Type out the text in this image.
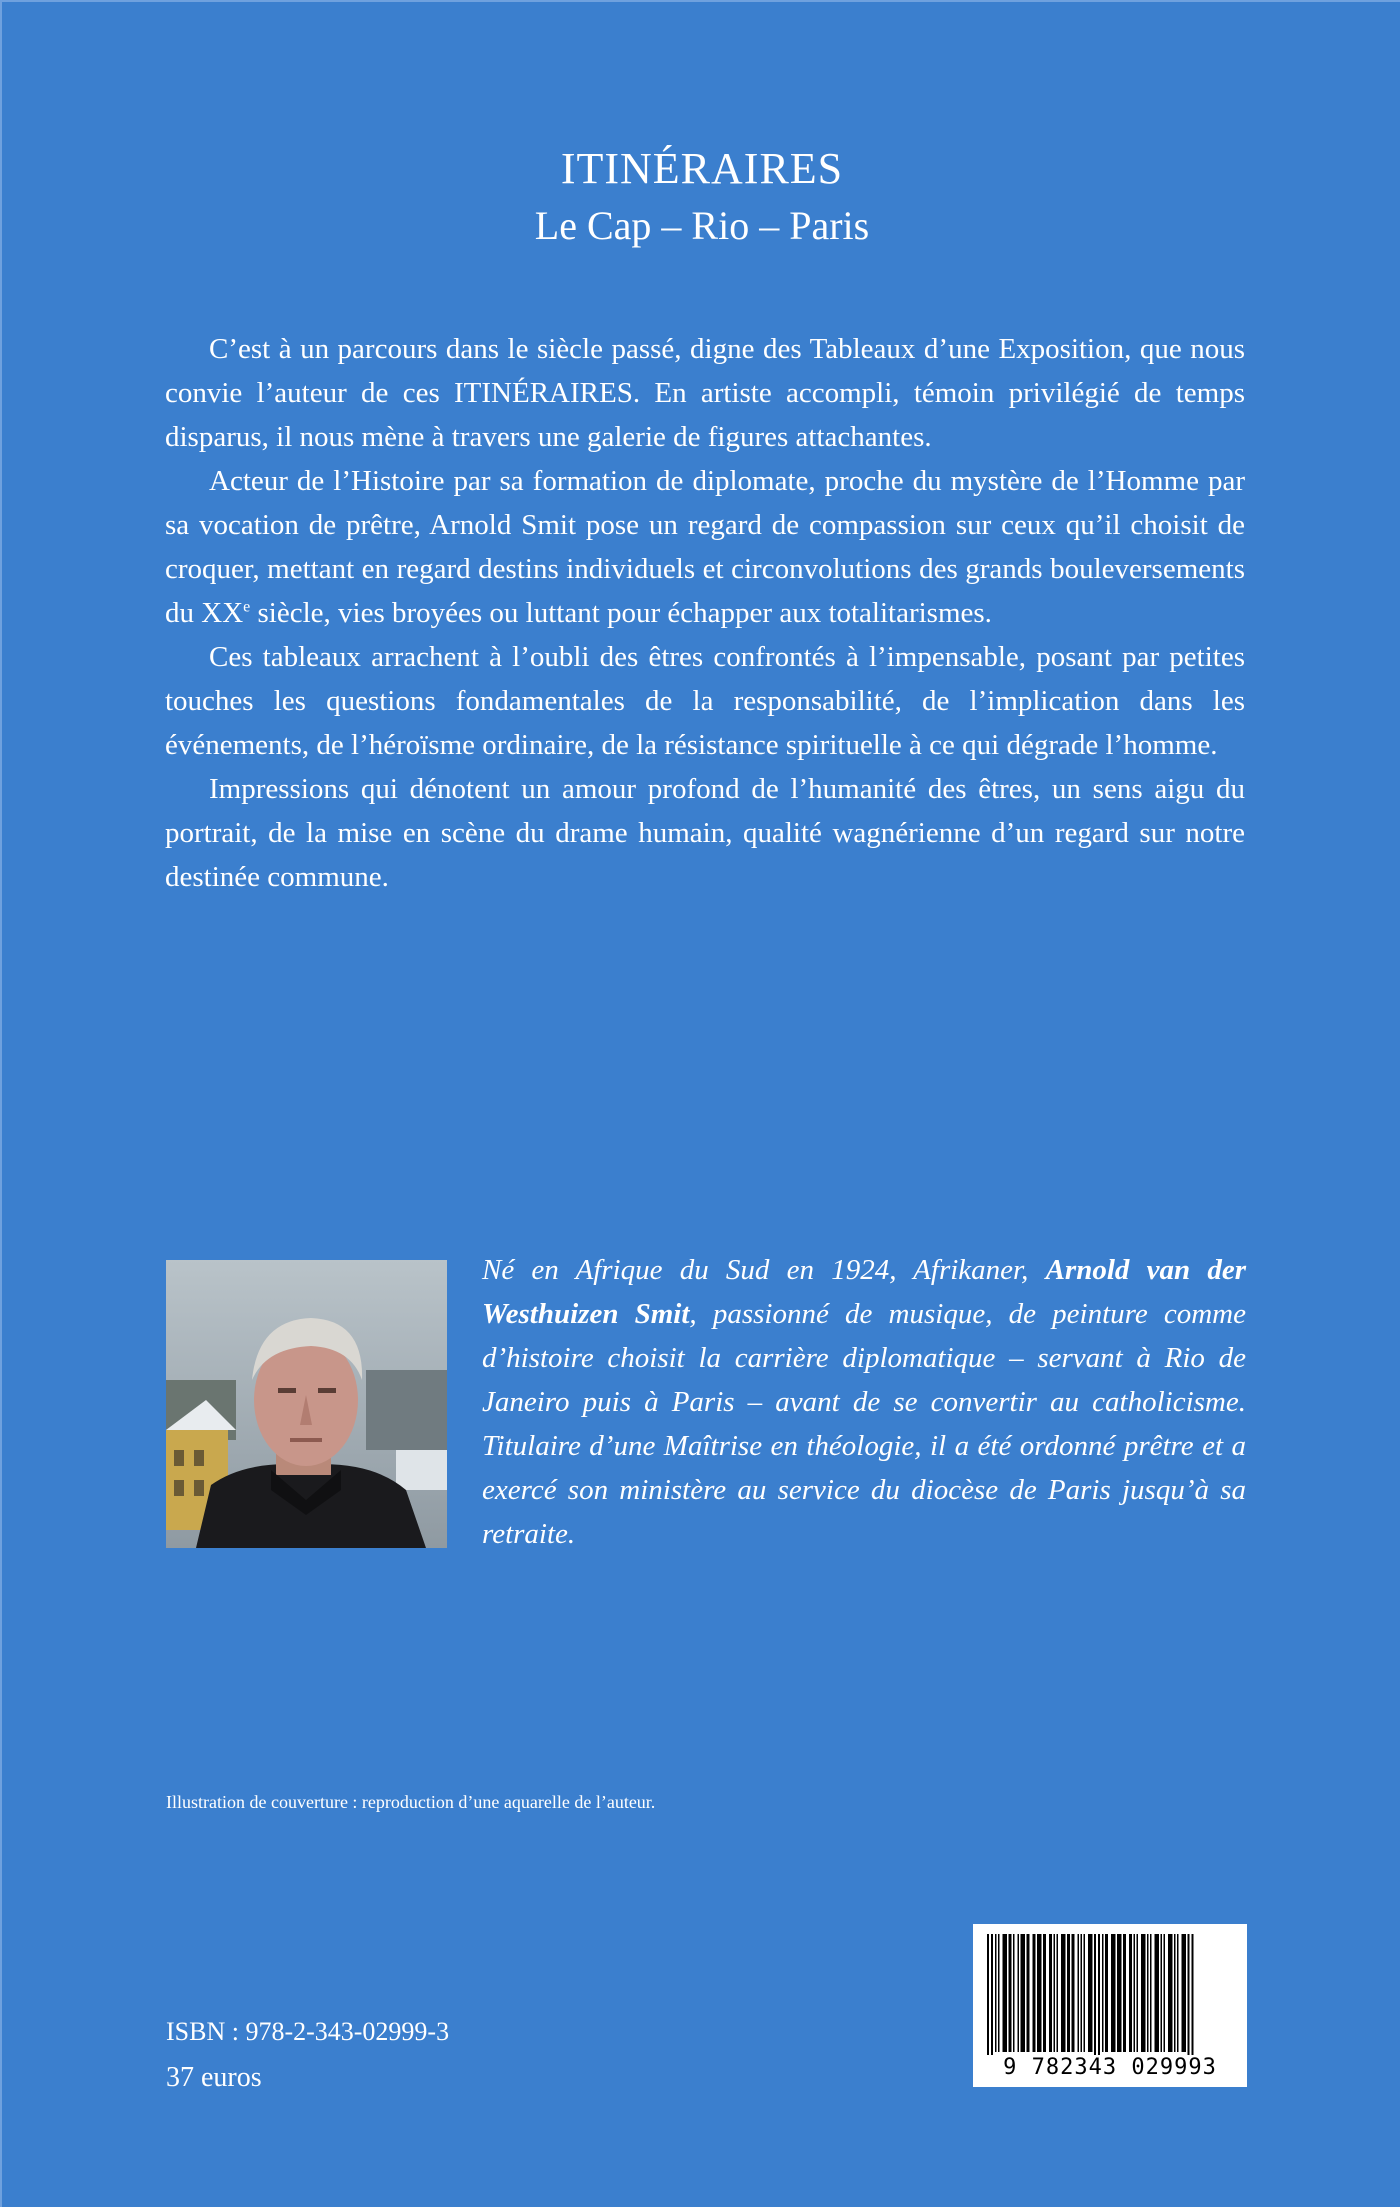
ITINÉRAIRES
Le Cap – Rio – Paris

C’est à un parcours dans le siècle passé, digne des Tableaux d’une Exposition, que nous convie l’auteur de ces ITINÉRAIRES. En artiste accompli, témoin privilégié de temps disparus, il nous mène à travers une galerie de figures attachantes.

Acteur de l’Histoire par sa formation de diplomate, proche du mystère de l’Homme par sa vocation de prêtre, Arnold Smit pose un regard de compassion sur ceux qu’il choisit de croquer, mettant en regard destins individuels et circonvolutions des grands bouleversements du XXe siècle, vies broyées ou luttant pour échapper aux totalitarismes.

Ces tableaux arrachent à l’oubli des êtres confrontés à l’impensable, posant par petites touches les questions fondamentales de la responsabilité, de l’implication dans les événements, de l’héroïsme ordinaire, de la résistance spirituelle à ce qui dégrade l’homme.

Impressions qui dénotent un amour profond de l’humanité des êtres, un sens aigu du portrait, de la mise en scène du drame humain, qualité wagnérienne d’un regard sur notre destinée commune.

Né en Afrique du Sud en 1924, Afrikaner, Arnold van der Westhuizen Smit, passionné de musique, de peinture comme d’histoire choisit la carrière diplomatique – servant à Rio de Janeiro puis à Paris – avant de se convertir au catholicisme. Titulaire d’une Maîtrise en théologie, il a été ordonné prêtre et a exercé son ministère au service du diocèse de Paris jusqu’à sa retraite.
Illustration de couverture : reproduction d’une aquarelle de l’auteur.
ISBN : 978-2-343-02999-3
37 euros	9 782343 029993
